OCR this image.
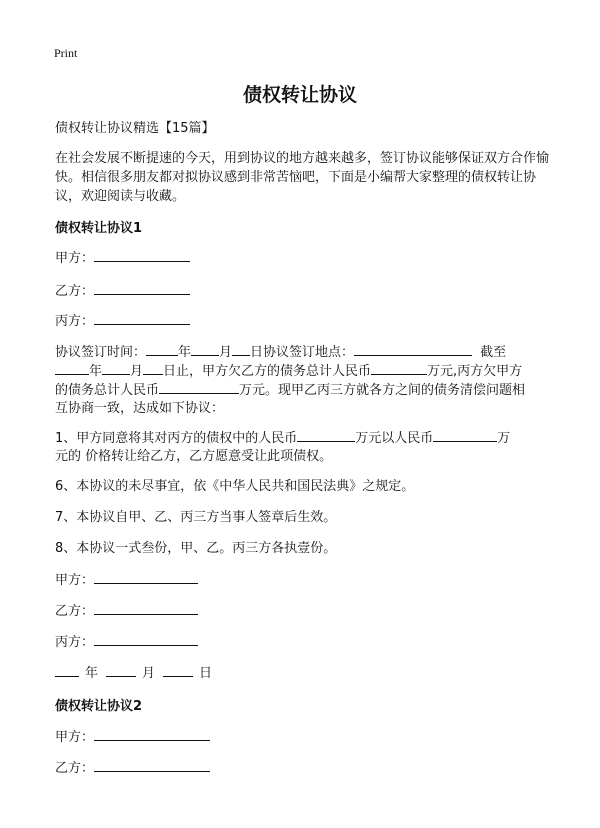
Print
债权转让协议
债权转让协议精选【15篇】
在社会发展不断提速的今天，用到协议的地方越来越多，签订协议能够保证双方合作愉快。相信很多朋友都对拟协议感到非常苦恼吧，下面是小编帮大家整理的债权转让协议，欢迎阅读与收藏。
债权转让协议1
甲方：
乙方：
丙方：
协议签订时间： 年 月 日协议签订地点：	截至
年 月 日止，甲方欠乙方的债务总计人民币	万元,丙方欠甲方
的债务总计人民币	万元。现甲乙丙三方就各方之间的债务清偿问题相
互协商一致，达成如下协议：
1、甲方同意将其对丙方的债权中的人民币	万元以人民币	万
元的 价格转让给乙方，乙方愿意受让此项债权。
6、本协议的未尽事宜，依《中华人民共和国民法典》之规定。
7、本协议自甲、乙、丙三方当事人签章后生效。
8、本协议一式叁份，甲、乙。丙三方各执壹份。
甲方：
乙方：
丙方：
年	月	日
债权转让协议2
甲方：
乙方：
